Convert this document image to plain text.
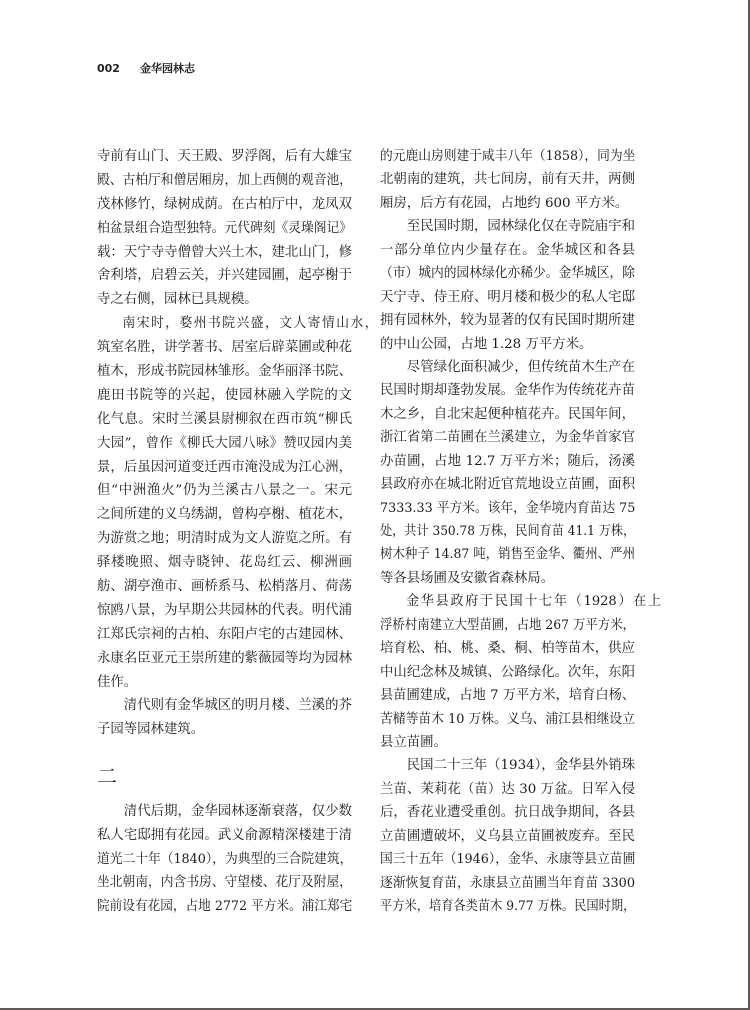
002 金华园林志
寺前有山门、天王殿、罗浮阁，后有大雄宝
殿、古柏厅和僧居厢房，加上西侧的观音池，
茂林修竹，绿树成荫。在古柏厅中，龙凤双
柏盆景组合造型独特。元代碑刻《灵璪阁记》
载：天宁寺寺僧曾大兴土木，建北山门，修
舍利塔，启碧云关，并兴建园圃，起亭榭于
寺之右侧，园林已具规模。
南宋时，婺州书院兴盛，文人寄情山水，
筑室名胜，讲学著书、居室后辟菜圃或种花
植木，形成书院园林雏形。金华丽泽书院、
鹿田书院等的兴起，使园林融入学院的文
化气息。宋时兰溪县尉柳叙在西市筑“柳氏
大园”，曾作《柳氏大园八咏》赞叹园内美
景，后虽因河道变迁西市淹没成为江心洲，
但“中洲渔火”仍为兰溪古八景之一。宋元
之间所建的义乌绣湖，曾构亭榭、植花木，
为游赏之地；明清时成为文人游览之所。有
驿楼晚照、烟寺晓钟、花岛红云、柳洲画
舫、湖亭渔市、画桥系马、松梢落月、荷荡
惊鸥八景，为早期公共园林的代表。明代浦
江郑氏宗祠的古柏、东阳卢宅的古建园林、
永康名臣亚元王崇所建的紫薇园等均为园林
佳作。
清代则有金华城区的明月楼、兰溪的芥
子园等园林建筑。
二
清代后期，金华园林逐渐衰落，仅少数
私人宅邸拥有花园。武义俞源精深楼建于清
道光二十年（1840），为典型的三合院建筑，
坐北朝南，内含书房、守望楼、花厅及附屋，
院前设有花园，占地 2772 平方米。浦江郑宅
的元鹿山房则建于咸丰八年（1858），同为坐
北朝南的建筑，共七间房，前有天井，两侧
厢房，后方有花园，占地约 600 平方米。
至民国时期，园林绿化仅在寺院庙宇和
一部分单位内少量存在。金华城区和各县
（市）城内的园林绿化亦稀少。金华城区，除
天宁寺、侍王府、明月楼和极少的私人宅邸
拥有园林外，较为显著的仅有民国时期所建
的中山公园，占地 1.28 万平方米。
尽管绿化面积减少，但传统苗木生产在
民国时期却蓬勃发展。金华作为传统花卉苗
木之乡，自北宋起便种植花卉。民国年间，
浙江省第二苗圃在兰溪建立，为金华首家官
办苗圃，占地 12.7 万平方米；随后，汤溪
县政府亦在城北附近官荒地设立苗圃，面积
7333.33 平方米。该年，金华境内育苗达 75
处，共计 350.78 万株，民间育苗 41.1 万株，
树木种子 14.87 吨，销售至金华、衢州、严州
等各县场圃及安徽省森林局。
金华县政府于民国十七年（1928）在上
浮桥村南建立大型苗圃，占地 267 万平方米，
培育松、柏、桃、桑、桐、柏等苗木，供应
中山纪念林及城镇、公路绿化。次年，东阳
县苗圃建成，占地 7 万平方米，培育白杨、
苦槠等苗木 10 万株。义乌、浦江县相继设立
县立苗圃。
民国二十三年（1934），金华县外销珠
兰苗、茉莉花（苗）达 30 万盆。日军入侵
后，香花业遭受重创。抗日战争期间，各县
立苗圃遭破坏，义乌县立苗圃被废弃。至民
国三十五年（1946），金华、永康等县立苗圃
逐渐恢复育苗，永康县立苗圃当年育苗 3300
平方米，培育各类苗木 9.77 万株。民国时期，
